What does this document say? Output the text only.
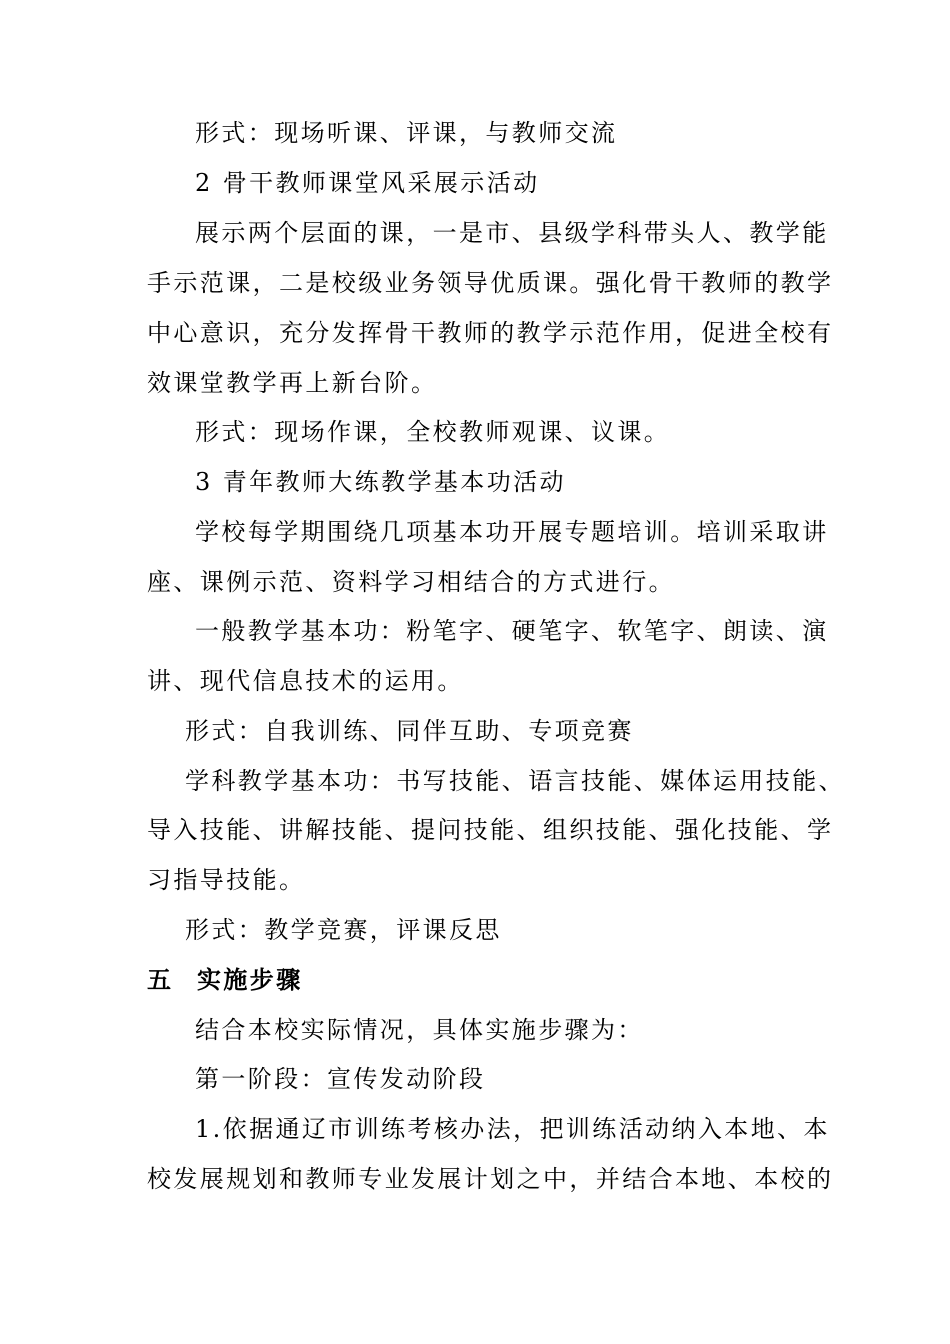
形式：现场听课、评课，与教师交流
2 骨干教师课堂风采展示活动
展示两个层面的课，一是市、县级学科带头人、教学能
手示范课，二是校级业务领导优质课。强化骨干教师的教学
中心意识，充分发挥骨干教师的教学示范作用，促进全校有
效课堂教学再上新台阶。
形式：现场作课，全校教师观课、议课。
3 青年教师大练教学基本功活动
学校每学期围绕几项基本功开展专题培训。培训采取讲
座、课例示范、资料学习相结合的方式进行。
一般教学基本功：粉笔字、硬笔字、软笔字、朗读、演
讲、现代信息技术的运用。
形式：自我训练、同伴互助、专项竞赛
学科教学基本功：书写技能、语言技能、媒体运用技能、
导入技能、讲解技能、提问技能、组织技能、强化技能、学
习指导技能。
形式：教学竞赛，评课反思
五 实施步骤
结合本校实际情况，具体实施步骤为：
第一阶段：宣传发动阶段
1.依据通辽市训练考核办法，把训练活动纳入本地、本
校发展规划和教师专业发展计划之中，并结合本地、本校的
